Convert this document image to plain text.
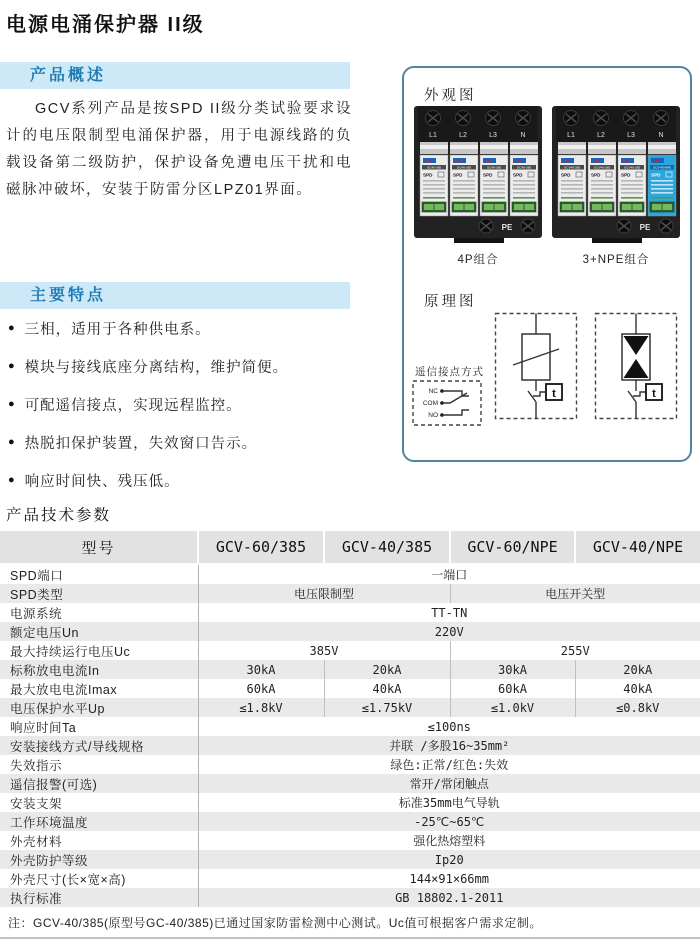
电源电涌保护器 II级
产品概述
GCV系列产品是按SPD II级分类试验要求设计的电压限制型电涌保护器，用于电源线路的负载设备第二级防护，保护设备免遭电压干扰和电磁脉冲破坏，安装于防雷分区LPZ01界面。
主要特点
● 三相，适用于各种供电系。
● 模块与接线底座分离结构，维护简便。
● 可配遥信接点，实现远程监控。
● 热脱扣保护装置，失效窗口告示。
● 响应时间快、残压低。
外观图
L1	L2	L3	N
GC40-385
SPD
GC40-385
SPD
GC40-385
SPD
GC40-385
SPD
PE
4P组合
L1	L2	L3	N
GCV40-385
SPD
GCV40-385
SPD
GCV40-385
SPD
GCV-40/NPE
SPD
PE
3+NPE组合
原理图
遥信接点方式
NC
COM
NO
t	t
产品技术参数
型号	GCV-60/385	GCV-40/385	GCV-60/NPE	GCV-40/NPE
SPD端口	一端口			
SPD类型	电压限制型		电压开关型	
电源系统	TT-TN			
额定电压Un	220V			
最大持续运行电压Uc	385V		255V	
标称放电电流In	30kA	20kA	30kA	20kA
最大放电电流Imax	60kA	40kA	60kA	40kA
电压保护水平Up	≤1.8kV	≤1.75kV	≤1.0kV	≤0.8kV
响应时间Ta	≤100ns			
安装接线方式/导线规格	并联 /多股16~35mm²			
失效指示	绿色:正常/红色:失效			
遥信报警(可选)	常开/常闭触点			
安装支架	标准35mm电气导轨			
工作环境温度	-25℃~65℃			
外壳材料	强化热熔塑料			
外壳防护等级	Ip20			
外壳尺寸(长×宽×高)	144×91×66mm			
执行标准	GB 18802.1-2011			
注：GCV-40/385(原型号GC-40/385)已通过国家防雷检测中心测试。Uc值可根据客户需求定制。
